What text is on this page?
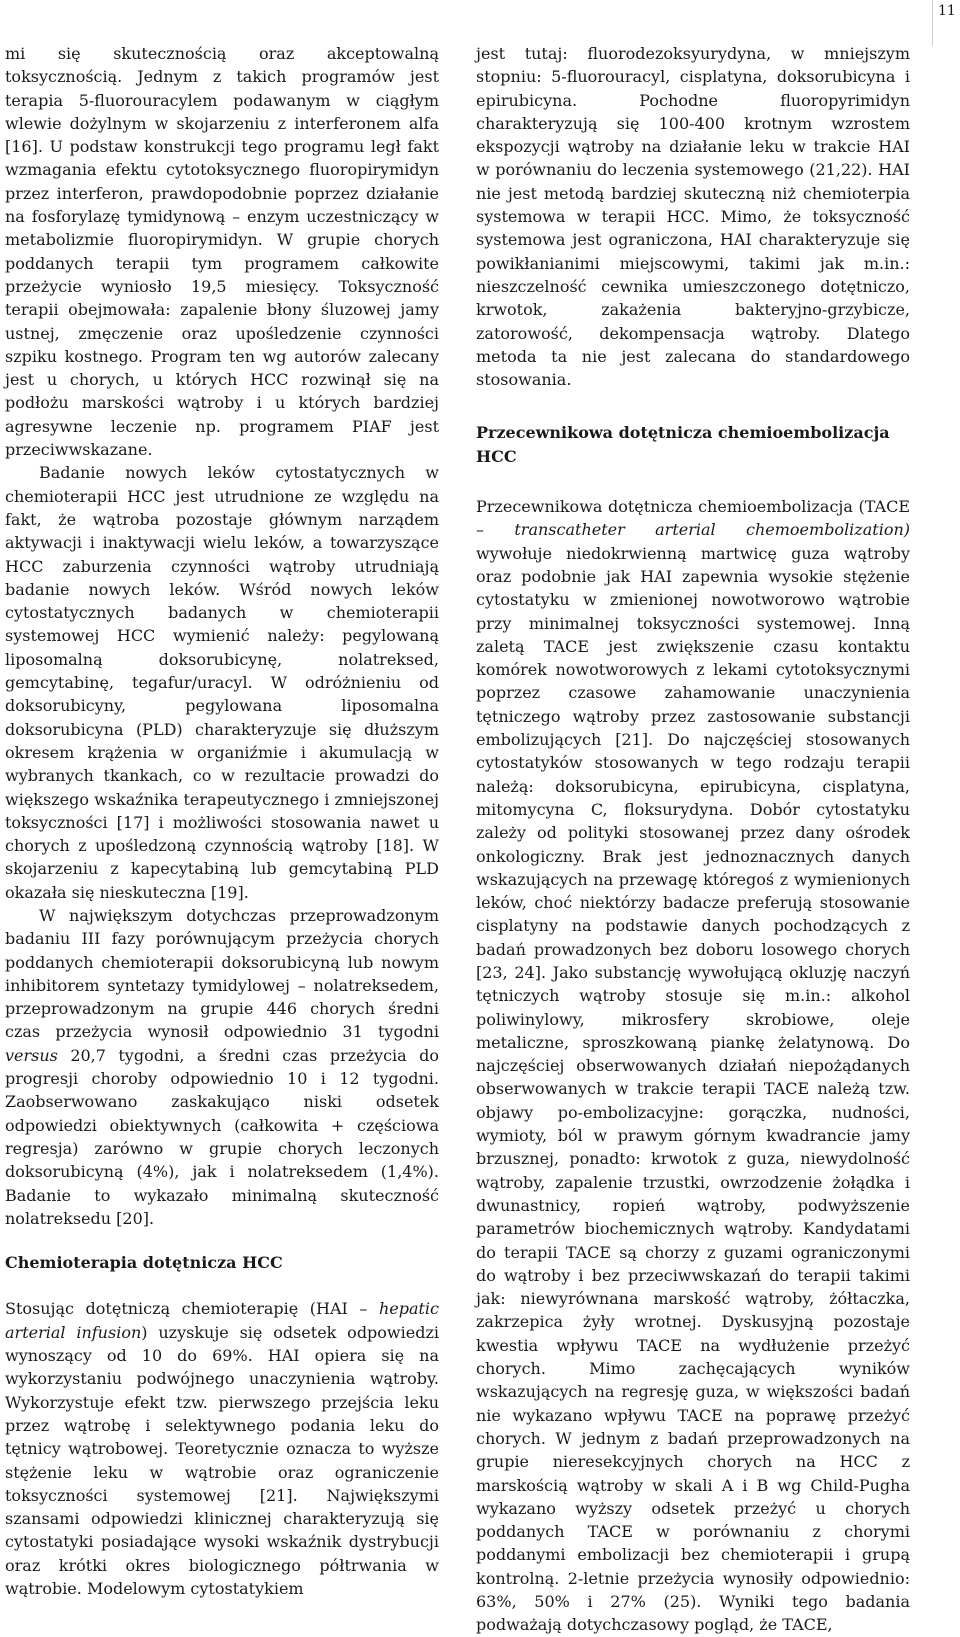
11

mi się skutecznością oraz akceptowalną toksycznością. Jednym z takich programów jest terapia 5-fluorouracylem podawanym w ciągłym wlewie dożylnym w skojarzeniu z interferonem alfa [16]. U podstaw konstrukcji tego programu legł fakt wzmagania efektu cytotoksycznego fluoropirymidyn przez interferon, prawdopodobnie poprzez działanie na fosforylazę tymidynową – enzym uczestniczący w metabolizmie fluoropirymidyn. W grupie chorych poddanych terapii tym programem całkowite przeżycie wyniosło 19,5 miesięcy. Toksyczność terapii obejmowała: zapalenie błony śluzowej jamy ustnej, zmęczenie oraz upośledzenie czynności szpiku kostnego. Program ten wg autorów zalecany jest u chorych, u których HCC rozwinął się na podłożu marskości wątroby i u których bardziej agresywne leczenie np. programem PIAF jest przeciwwskazane.

Badanie nowych leków cytostatycznych w chemioterapii HCC jest utrudnione ze względu na fakt, że wątroba pozostaje głównym narządem aktywacji i inaktywacji wielu leków, a towarzyszące HCC zaburzenia czynności wątroby utrudniają badanie nowych leków. Wśród nowych leków cytostatycznych badanych w chemioterapii systemowej HCC wymienić należy: pegylowaną liposomalną doksorubicynę, nolatreksed, gemcytabinę, tegafur/uracyl. W odróżnieniu od doksorubicyny, pegylowana liposomalna doksorubicyna (PLD) charakteryzuje się dłuższym okresem krążenia w organiźmie i akumulacją w wybranych tkankach, co w rezultacie prowadzi do większego wskaźnika terapeutycznego i zmniejszonej toksyczności [17] i możliwości stosowania nawet u chorych z upośledzoną czynnością wątroby [18]. W skojarzeniu z kapecytabiną lub gemcytabiną PLD okazała się nieskuteczna [19].

W największym dotychczas przeprowadzonym badaniu III fazy porównującym przeżycia chorych poddanych chemioterapii doksorubicyną lub nowym inhibitorem syntetazy tymidylowej – nolatreksedem, przeprowadzonym na grupie 446 chorych średni czas przeżycia wynosił odpowiednio 31 tygodni versus 20,7 tygodni, a średni czas przeżycia do progresji choroby odpowiednio 10 i 12 tygodni. Zaobserwowano zaskakująco niski odsetek odpowiedzi obiektywnych (całkowita + częściowa regresja) zarówno w grupie chorych leczonych doksorubicyną (4%), jak i nolatreksedem (1,4%). Badanie to wykazało minimalną skuteczność nolatreksedu [20].

Chemioterapia dotętnicza HCC

Stosując dotętniczą chemioterapię (HAI – hepatic arterial infusion) uzyskuje się odsetek odpowiedzi wynoszący od 10 do 69%. HAI opiera się na wykorzystaniu podwójnego unaczynienia wątroby. Wykorzystuje efekt tzw. pierwszego przejścia leku przez wątrobę i selektywnego podania leku do tętnicy wątrobowej. Teoretycznie oznacza to wyższe stężenie leku w wątrobie oraz ograniczenie toksyczności systemowej [21]. Największymi szansami odpowiedzi klinicznej charakteryzują się cytostatyki posiadające wysoki wskaźnik dystrybucji oraz krótki okres biologicznego półtrwania w wątrobie. Modelowym cytostatykiem

jest tutaj: fluorodezoksyurydyna, w mniejszym stopniu: 5-fluorouracyl, cisplatyna, doksorubicyna i epirubicyna. Pochodne fluoropyrimidyn charakteryzują się 100-400 krotnym wzrostem ekspozycji wątroby na działanie leku w trakcie HAI w porównaniu do leczenia systemowego (21,22). HAI nie jest metodą bardziej skuteczną niż chemioterpia systemowa w terapii HCC. Mimo, że toksyczność systemowa jest ograniczona, HAI charakteryzuje się powikłanianimi miejscowymi, takimi jak m.in.: nieszczelność cewnika umieszczonego dotętniczo, krwotok, zakażenia bakteryjno-grzybicze, zatorowość, dekompensacja wątroby. Dlatego metoda ta nie jest zalecana do standardowego stosowania.

Przecewnikowa dotętnicza chemioembolizacja HCC

Przecewnikowa dotętnicza chemioembolizacja (TACE – transcatheter arterial chemoembolization) wywołuje niedokrwienną martwicę guza wątroby oraz podobnie jak HAI zapewnia wysokie stężenie cytostatyku w zmienionej nowotworowo wątrobie przy minimalnej toksyczności systemowej. Inną zaletą TACE jest zwiększenie czasu kontaktu komórek nowotworowych z lekami cytotoksycznymi poprzez czasowe zahamowanie unaczynienia tętniczego wątroby przez zastosowanie substancji embolizujących [21]. Do najczęściej stosowanych cytostatyków stosowanych w tego rodzaju terapii należą: doksorubicyna, epirubicyna, cisplatyna, mitomycyna C, floksurydyna. Dobór cytostatyku zależy od polityki stosowanej przez dany ośrodek onkologiczny. Brak jest jednoznacznych danych wskazujących na przewagę któregoś z wymienionych leków, choć niektórzy badacze preferują stosowanie cisplatyny na podstawie danych pochodzących z badań prowadzonych bez doboru losowego chorych [23, 24]. Jako substancję wywołującą okluzję naczyń tętniczych wątroby stosuje się m.in.: alkohol poliwinylowy, mikrosfery skrobiowe, oleje metaliczne, sproszkowaną piankę żelatynową. Do najczęściej obserwowanych działań niepożądanych obserwowanych w trakcie terapii TACE należą tzw. objawy po-embolizacyjne: gorączka, nudności, wymioty, ból w prawym górnym kwadrancie jamy brzusznej, ponadto: krwotok z guza, niewydolność wątroby, zapalenie trzustki, owrzodzenie żołądka i dwunastnicy, ropień wątroby, podwyższenie parametrów biochemicznych wątroby. Kandydatami do terapii TACE są chorzy z guzami ograniczonymi do wątroby i bez przeciwwskazań do terapii takimi jak: niewyrównana marskość wątroby, żółtaczka, zakrzepica żyły wrotnej. Dyskusyjną pozostaje kwestia wpływu TACE na wydłużenie przeżyć chorych. Mimo zachęcających wyników wskazujących na regresję guza, w większości badań nie wykazano wpływu TACE na poprawę przeżyć chorych. W jednym z badań przeprowadzonych na grupie nieresekcyjnych chorych na HCC z marskością wątroby w skali A i B wg Child-Pugha wykazano wyższy odsetek przeżyć u chorych poddanych TACE w porównaniu z chorymi poddanymi embolizacji bez chemioterapii i grupą kontrolną. 2-letnie przeżycia wynosiły odpowiednio: 63%, 50% i 27% (25). Wyniki tego badania podważają dotychczasowy pogląd, że TACE,
